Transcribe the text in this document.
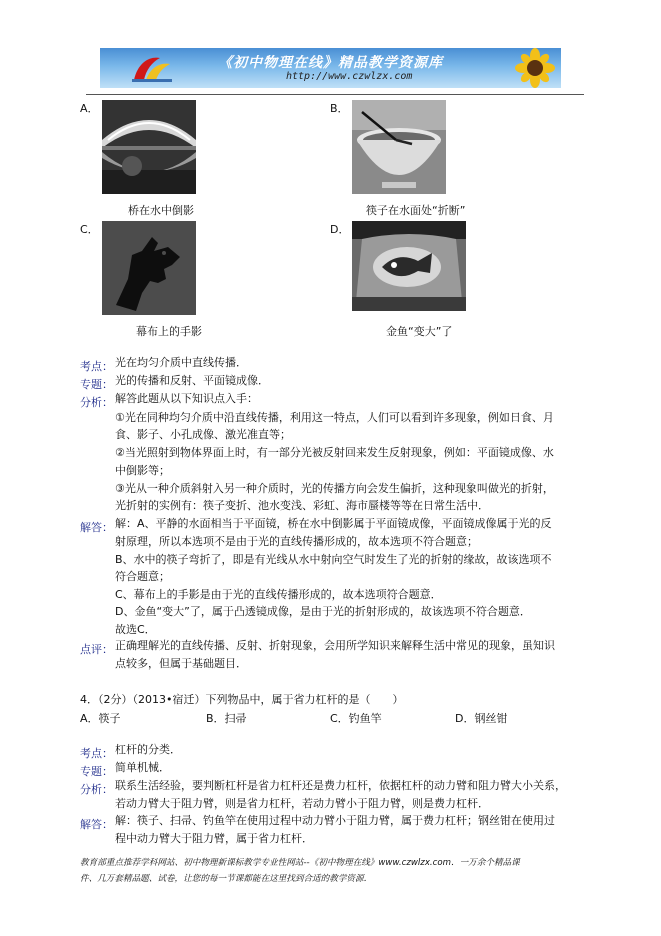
《初中物理在线》精品教学资源库
http://www.czwlzx.com
A．
桥在水中倒影
B．
筷子在水面处“折断”
C．
幕布上的手影
D．
金鱼“变大”了
考点： 光在均匀介质中直线传播．
专题： 光的传播和反射、平面镜成像．
分析： 解答此题从以下知识点入手：
①光在同种均匀介质中沿直线传播，利用这一特点，人们可以看到许多现象，例如日食、月
食、影子、小孔成像、激光准直等；
②当光照射到物体界面上时，有一部分光被反射回来发生反射现象，例如：平面镜成像、水
中倒影等；
③光从一种介质斜射入另一种介质时，光的传播方向会发生偏折，这种现象叫做光的折射，
光折射的实例有：筷子变折、池水变浅、彩虹、海市蜃楼等等在日常生活中．
解答： 解：A、平静的水面相当于平面镜，桥在水中倒影属于平面镜成像，平面镜成像属于光的反
射原理，所以本选项不是由于光的直线传播形成的，故本选项不符合题意；
B、水中的筷子弯折了，即是有光线从水中射向空气时发生了光的折射的缘故，故该选项不
符合题意；
C、幕布上的手影是由于光的直线传播形成的，故本选项符合题意．
D、金鱼“变大”了，属于凸透镜成像，是由于光的折射形成的，故该选项不符合题意．
故选C．
点评： 正确理解光的直线传播、反射、折射现象，会用所学知识来解释生活中常见的现象，虽知识
点较多，但属于基础题目．
4．（2分）（2013•宿迁）下列物品中，属于省力杠杆的是（　　）
A．筷子	B．扫帚	C．钓鱼竿	D．钢丝钳
考点： 杠杆的分类．
专题： 简单机械．
分析： 联系生活经验，要判断杠杆是省力杠杆还是费力杠杆，依据杠杆的动力臂和阻力臂大小关系，
若动力臂大于阻力臂，则是省力杠杆，若动力臂小于阻力臂，则是费力杠杆．
解答： 解：筷子、扫帚、钓鱼竿在使用过程中动力臂小于阻力臂，属于费力杠杆；钢丝钳在使用过
程中动力臂大于阻力臂，属于省力杠杆．
教育部重点推荐学科网站、初中物理新课标教学专业性网站--《初中物理在线》www.czwlzx.com．一万余个精品课
件、几万套精品题、试卷，让您的每一节课都能在这里找到合适的教学资源．
